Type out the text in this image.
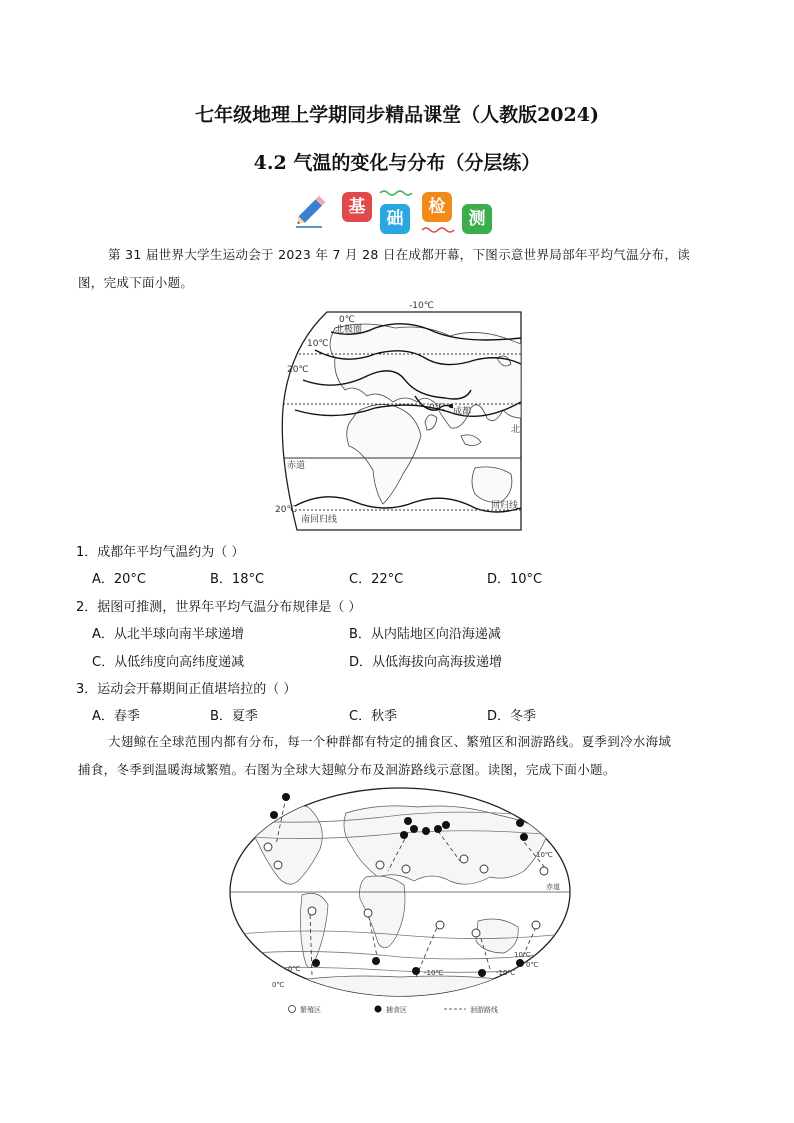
七年级地理上学期同步精品课堂（人教版2024)
4.2 气温的变化与分布（分层练）
基
础
检
测
第 31 届世界大学生运动会于 2023 年 7 月 28 日在成都开幕，下图示意世界局部年平均气温分布，读
图，完成下面小题。
-10℃
0℃
北极圈
10℃
20℃
0℃ 成都
北
赤道
20℃
南回归线
回归线
1．成都年平均气温约为（ ）
A．20°C	B．18°C	C．22°C	D．10°C
2．据图可推测，世界年平均气温分布规律是（ ）
A．从北半球向南半球递增	B．从内陆地区向沿海递减
C．从低纬度向高纬度递减	D．从低海拔向高海拔递增
3．运动会开幕期间正值堪培拉的（ ）
A．春季	B．夏季	C．秋季	D．冬季
大翅鲸在全球范围内都有分布，每一个种群都有特定的捕食区、繁殖区和洄游路线。夏季到冷水海域
捕食，冬季到温暖海域繁殖。右图为全球大翅鲸分布及洄游路线示意图。读图，完成下面小题。
0℃
10℃
赤道
0℃
-10℃	-10℃
10℃
0℃
繁殖区	捕食区	洄游路线
